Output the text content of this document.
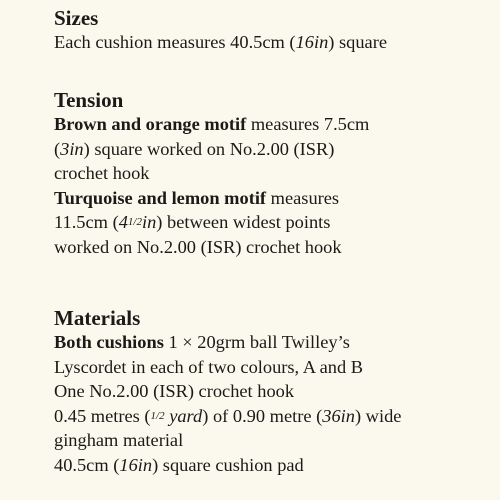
Sizes
Each cushion measures 40.5cm (16in) square
Tension
Brown and orange motif measures 7.5cm
(3in) square worked on No.2.00 (ISR)
crochet hook
Turquoise and lemon motif measures
11.5cm (41/2in) between widest points
worked on No.2.00 (ISR) crochet hook
Materials
Both cushions 1 × 20grm ball Twilley’s
Lyscordet in each of two colours, A and B
One No.2.00 (ISR) crochet hook
0.45 metres (1/2 yard) of 0.90 metre (36in) wide
gingham material
40.5cm (16in) square cushion pad
